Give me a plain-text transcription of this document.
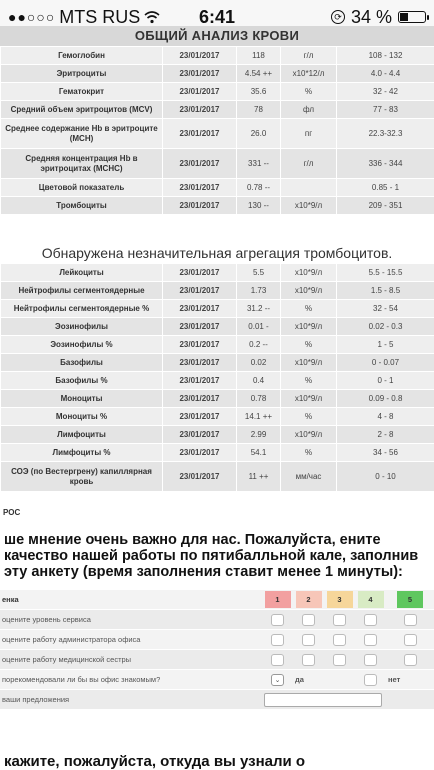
●●○○○ MTS RUS	6:41	⟳ 34 %
ОБЩИЙ АНАЛИЗ КРОВИ
Гемоглобин	23/01/2017	118	г/л	108 - 132
Эритроциты	23/01/2017	4.54 ++	x10*12/л	4.0 - 4.4
Гематокрит	23/01/2017	35.6	%	32 - 42
Средний объем эритроцитов (MCV)	23/01/2017	78	фл	77 - 83
Среднее содержание Hb в эритроците (MCH)	23/01/2017	26.0	пг	22.3-32.3
Средняя концентрация Hb в эритроцитах (MCHC)	23/01/2017	331 --	г/л	336 - 344
Цветовой показатель	23/01/2017	0.78 --		0.85 - 1
Тромбоциты	23/01/2017	130 --	x10*9/л	209 - 351
Обнаружена незначительная агрегация тромбоцитов.
Лейкоциты	23/01/2017	5.5	x10*9/л	5.5 - 15.5
Нейтрофилы сегментоядерные	23/01/2017	1.73	x10*9/л	1.5 - 8.5
Нейтрофилы сегментоядерные %	23/01/2017	31.2 --	%	32 - 54
Эозинофилы	23/01/2017	0.01 -	x10*9/л	0.02 - 0.3
Эозинофилы %	23/01/2017	0.2 --	%	1 - 5
Базофилы	23/01/2017	0.02	x10*9/л	0 - 0.07
Базофилы %	23/01/2017	0.4	%	0 - 1
Моноциты	23/01/2017	0.78	x10*9/л	0.09 - 0.8
Моноциты %	23/01/2017	14.1 ++	%	4 - 8
Лимфоциты	23/01/2017	2.99	x10*9/л	2 - 8
Лимфоциты %	23/01/2017	54.1	%	34 - 56
СОЭ (по Вестергрену) капиллярная кровь	23/01/2017	11 ++	мм/час	0 - 10
РОС
ше мнение очень важно для нас. Пожалуйста, ените качество нашей работы по пятибалльной кале, заполнив эту анкету (время заполнения ставит менее 1 минуты):
енка	1	2	3	4	5
оцените уровень сервиса					
оцените работу администратора офиса					
оцените работу медицинской сестры					
порекомендовали ли бы вы офис знакомым?	⌄	да			нет
ваши предложения					
кажите, пожалуйста, откуда вы узнали о
